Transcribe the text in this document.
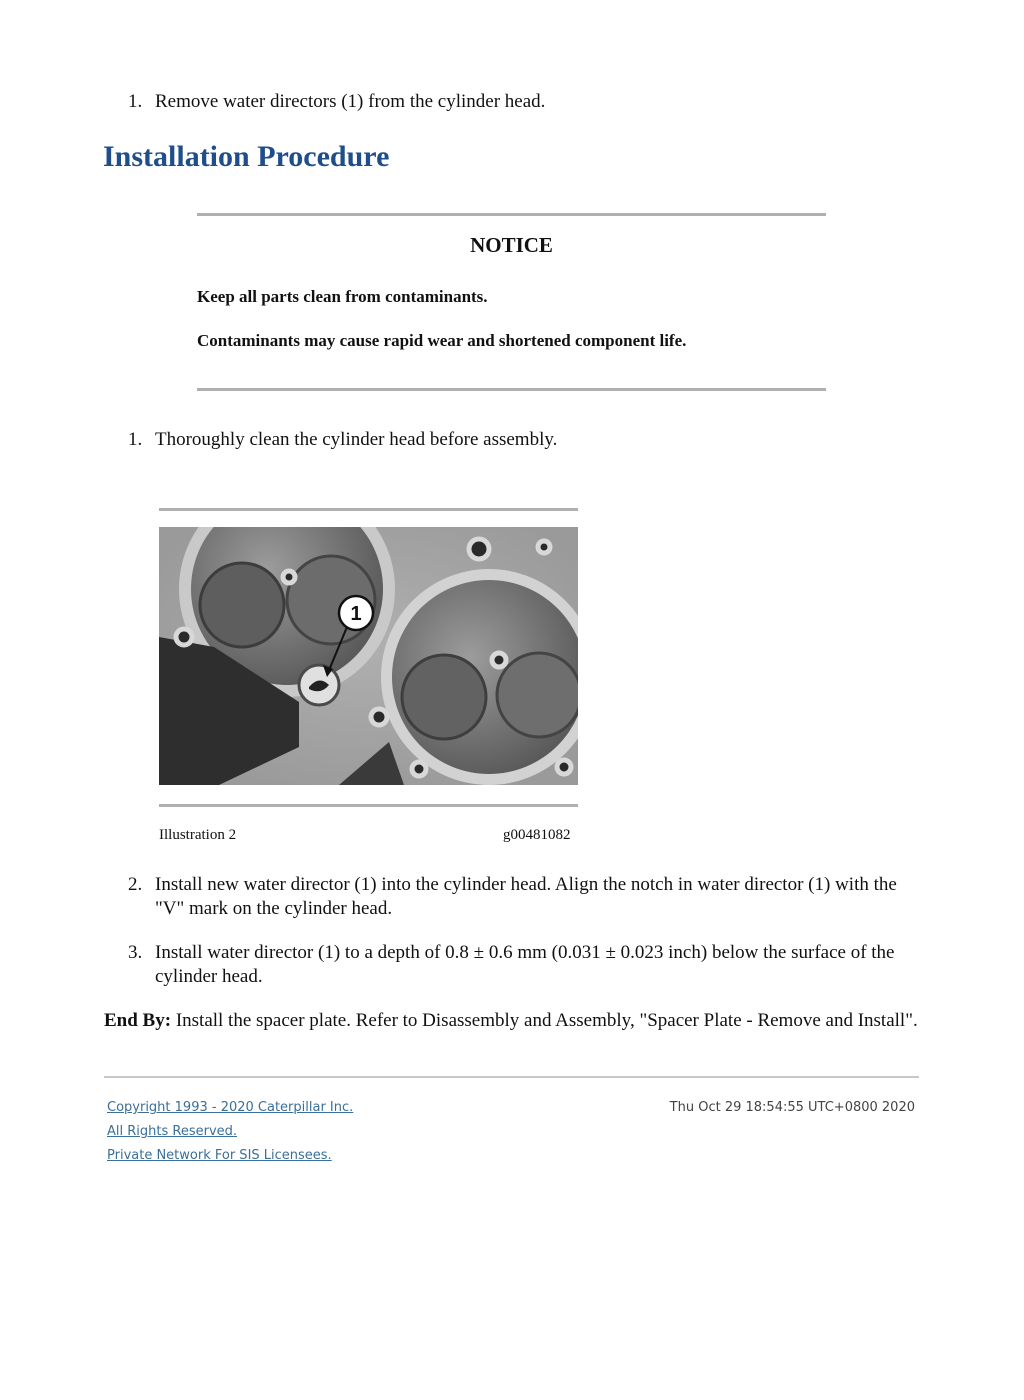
1. Remove water directors (1) from the cylinder head.
Installation Procedure
NOTICE
Keep all parts clean from contaminants.
Contaminants may cause rapid wear and shortened component life.
1. Thoroughly clean the cylinder head before assembly.
1
Illustration 2	g00481082
2. Install new water director (1) into the cylinder head. Align the notch in water director (1) with the "V" mark on the cylinder head.
3. Install water director (1) to a depth of 0.8 ± 0.6 mm (0.031 ± 0.023 inch) below the surface of the cylinder head.
End By: Install the spacer plate. Refer to Disassembly and Assembly, "Spacer Plate - Remove and Install".
Copyright 1993 - 2020 Caterpillar Inc.
All Rights Reserved.
Private Network For SIS Licensees.
Thu Oct 29 18:54:55 UTC+0800 2020
